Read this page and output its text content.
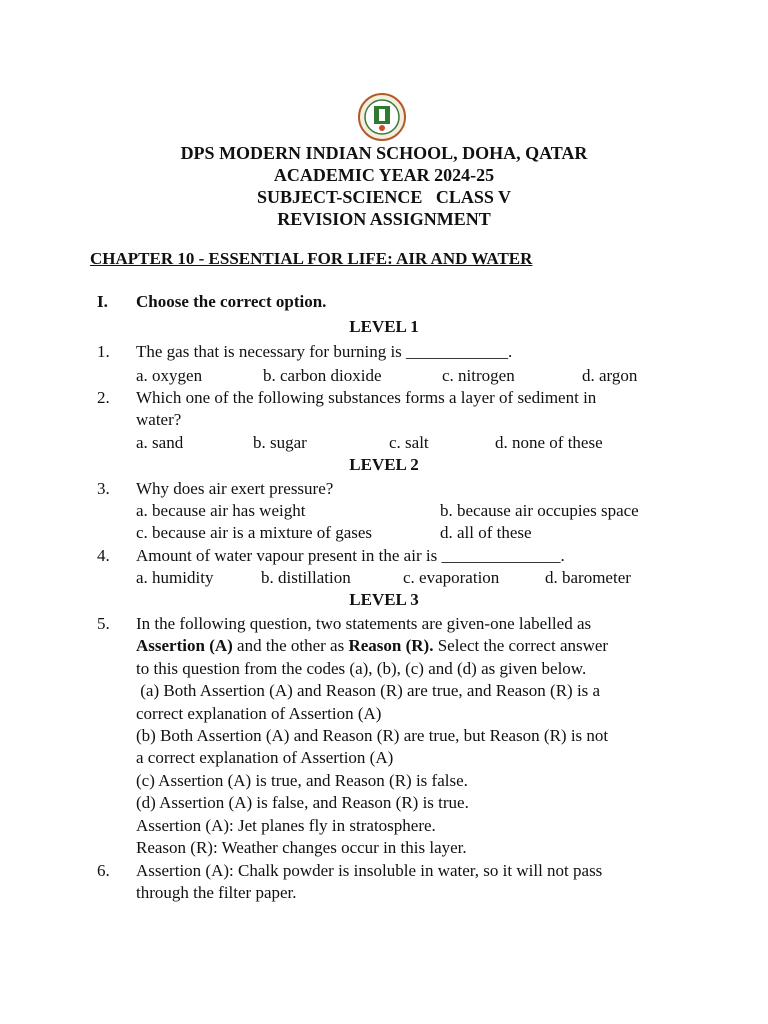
DPS MODERN INDIAN SCHOOL, DOHA, QATAR
ACADEMIC YEAR 2024-25
SUBJECT-SCIENCE   CLASS V
REVISION ASSIGNMENT
CHAPTER 10 - ESSENTIAL FOR LIFE: AIR AND WATER
I. Choose the correct option.
LEVEL 1
1. The gas that is necessary for burning is ____________.
a. oxygen	b. carbon dioxide	c. nitrogen	d. argon
2. Which one of the following substances forms a layer of sediment in
water?
a. sand	b. sugar	c. salt	d. none of these
LEVEL 2
3. Why does air exert pressure?
a. because air has weight	b. because air occupies space
c. because air is a mixture of gases	d. all of these
4. Amount of water vapour present in the air is ______________.
a. humidity	b. distillation	c. evaporation	d. barometer
LEVEL 3
5. In the following question, two statements are given-one labelled as
Assertion (A) and the other as Reason (R). Select the correct answer
to this question from the codes (a), (b), (c) and (d) as given below.
(a) Both Assertion (A) and Reason (R) are true, and Reason (R) is a
correct explanation of Assertion (A)
(b) Both Assertion (A) and Reason (R) are true, but Reason (R) is not
a correct explanation of Assertion (A)
(c) Assertion (A) is true, and Reason (R) is false.
(d) Assertion (A) is false, and Reason (R) is true.
Assertion (A): Jet planes fly in stratosphere.
Reason (R): Weather changes occur in this layer.
6. Assertion (A): Chalk powder is insoluble in water, so it will not pass
through the filter paper.
